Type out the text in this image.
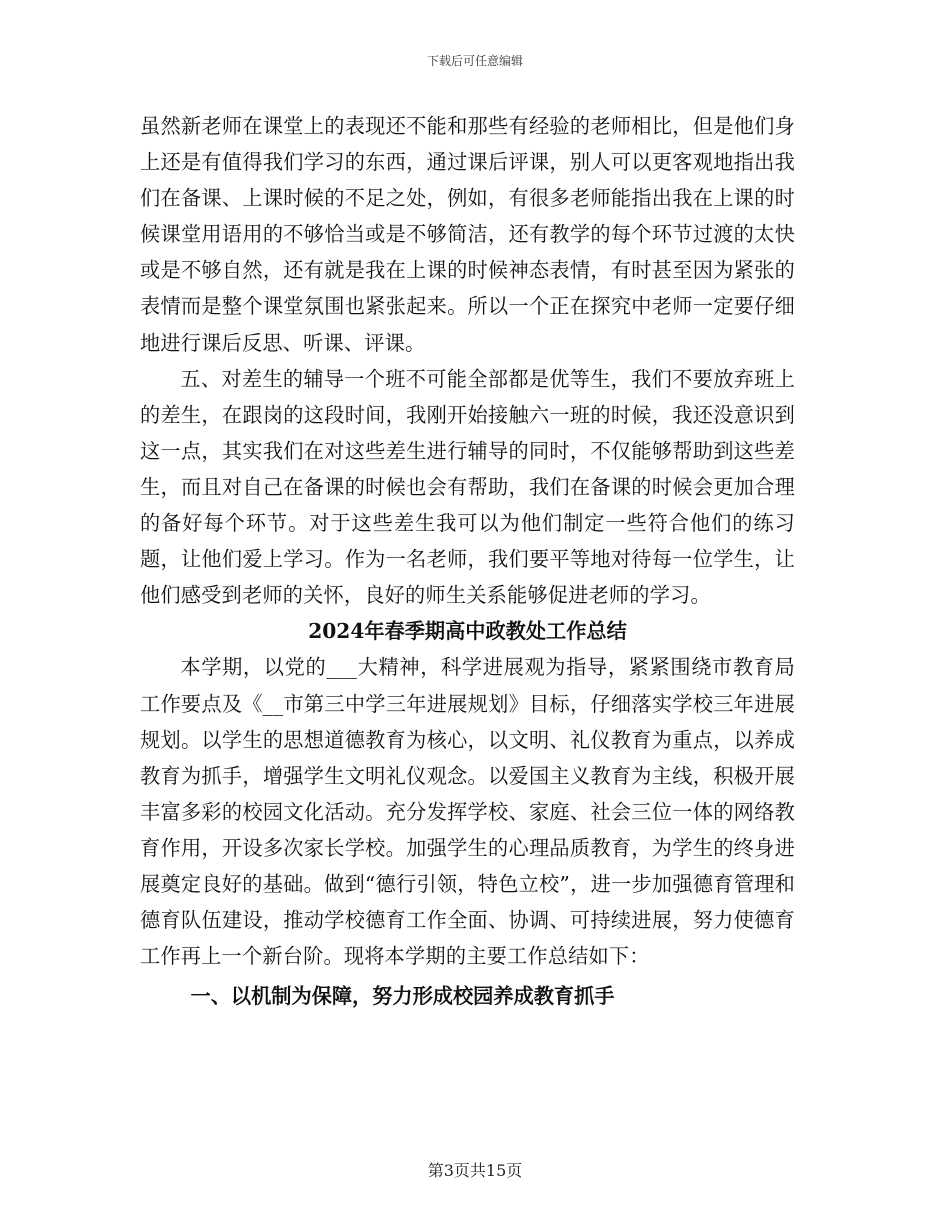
下载后可任意编辑

虽然新老师在课堂上的表现还不能和那些有经验的老师相比，但是他们身上还是有值得我们学习的东西，通过课后评课，别人可以更客观地指出我们在备课、上课时候的不足之处，例如，有很多老师能指出我在上课的时候课堂用语用的不够恰当或是不够简洁，还有教学的每个环节过渡的太快或是不够自然，还有就是我在上课的时候神态表情，有时甚至因为紧张的表情而是整个课堂氛围也紧张起来。所以一个正在探究中老师一定要仔细地进行课后反思、听课、评课。

五、对差生的辅导一个班不可能全部都是优等生，我们不要放弃班上的差生，在跟岗的这段时间，我刚开始接触六一班的时候，我还没意识到这一点，其实我们在对这些差生进行辅导的同时，不仅能够帮助到这些差生，而且对自己在备课的时候也会有帮助，我们在备课的时候会更加合理的备好每个环节。对于这些差生我可以为他们制定一些符合他们的练习题，让他们爱上学习。作为一名老师，我们要平等地对待每一位学生，让他们感受到老师的关怀，良好的师生关系能够促进老师的学习。

2024年春季期高中政教处工作总结

本学期，以党的___大精神，科学进展观为指导，紧紧围绕市教育局工作要点及《__市第三中学三年进展规划》目标，仔细落实学校三年进展规划。以学生的思想道德教育为核心，以文明、礼仪教育为重点，以养成教育为抓手，增强学生文明礼仪观念。以爱国主义教育为主线，积极开展丰富多彩的校园文化活动。充分发挥学校、家庭、社会三位一体的网络教育作用，开设多次家长学校。加强学生的心理品质教育，为学生的终身进展奠定良好的基础。做到“德行引领，特色立校”，进一步加强德育管理和德育队伍建设，推动学校德育工作全面、协调、可持续进展，努力使德育工作再上一个新台阶。现将本学期的主要工作总结如下：

一、以机制为保障，努力形成校园养成教育抓手

第3页共15页
